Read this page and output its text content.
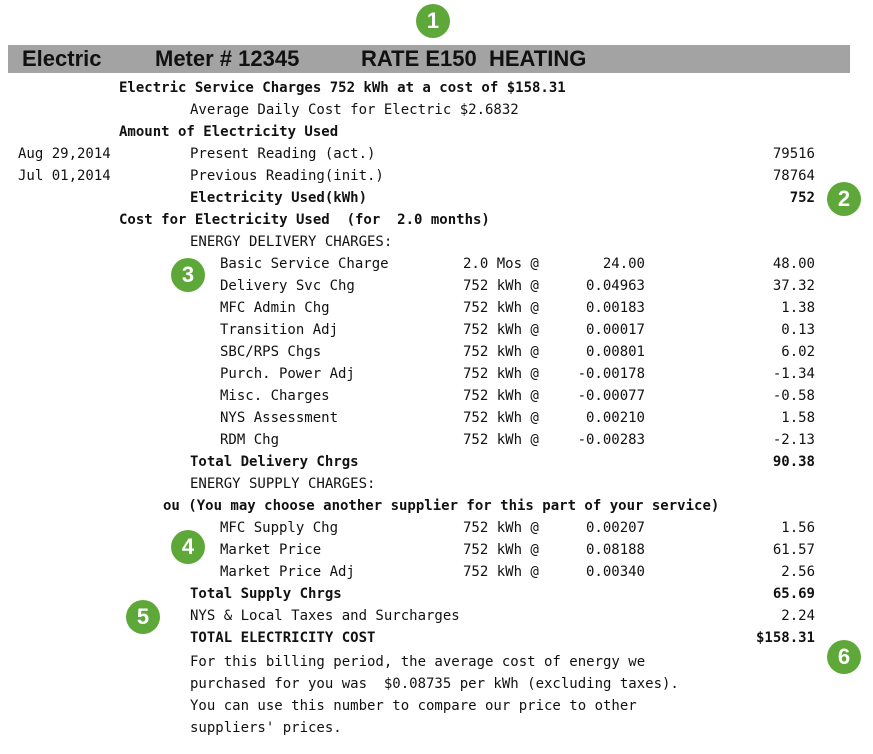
Electric Meter # 12345	RATE E150  HEATING
1
2
3
4
5
6
Electric Service Charges 752 kWh at a cost of $158.31
Average Daily Cost for Electric $2.6832
Amount of Electricity Used
Aug 29,2014	Present Reading (act.)	79516
Jul 01,2014	Previous Reading(init.)	78764
Electricity Used(kWh)	752
Cost for Electricity Used  (for  2.0 months)
ENERGY DELIVERY CHARGES:
Basic Service Charge	2.0 Mos @	24.00	48.00
Delivery Svc Chg	752 kWh @	0.04963	37.32
MFC Admin Chg	752 kWh @	0.00183	1.38
Transition Adj	752 kWh @	0.00017	0.13
SBC/RPS Chgs	752 kWh @	0.00801	6.02
Purch. Power Adj	752 kWh @	-0.00178	-1.34
Misc. Charges	752 kWh @	-0.00077	-0.58
NYS Assessment	752 kWh @	0.00210	1.58
RDM Chg	752 kWh @	-0.00283	-2.13
Total Delivery Chrgs	90.38
ENERGY SUPPLY CHARGES:
ou (You may choose another supplier for this part of your service)
MFC Supply Chg	752 kWh @	0.00207	1.56
Market Price	752 kWh @	0.08188	61.57
Market Price Adj	752 kWh @	0.00340	2.56
Total Supply Chrgs	65.69
NYS & Local Taxes and Surcharges	2.24
TOTAL ELECTRICITY COST	$158.31
For this billing period, the average cost of energy we
purchased for you was  $0.08735 per kWh (excluding taxes).
You can use this number to compare our price to other
suppliers' prices.
